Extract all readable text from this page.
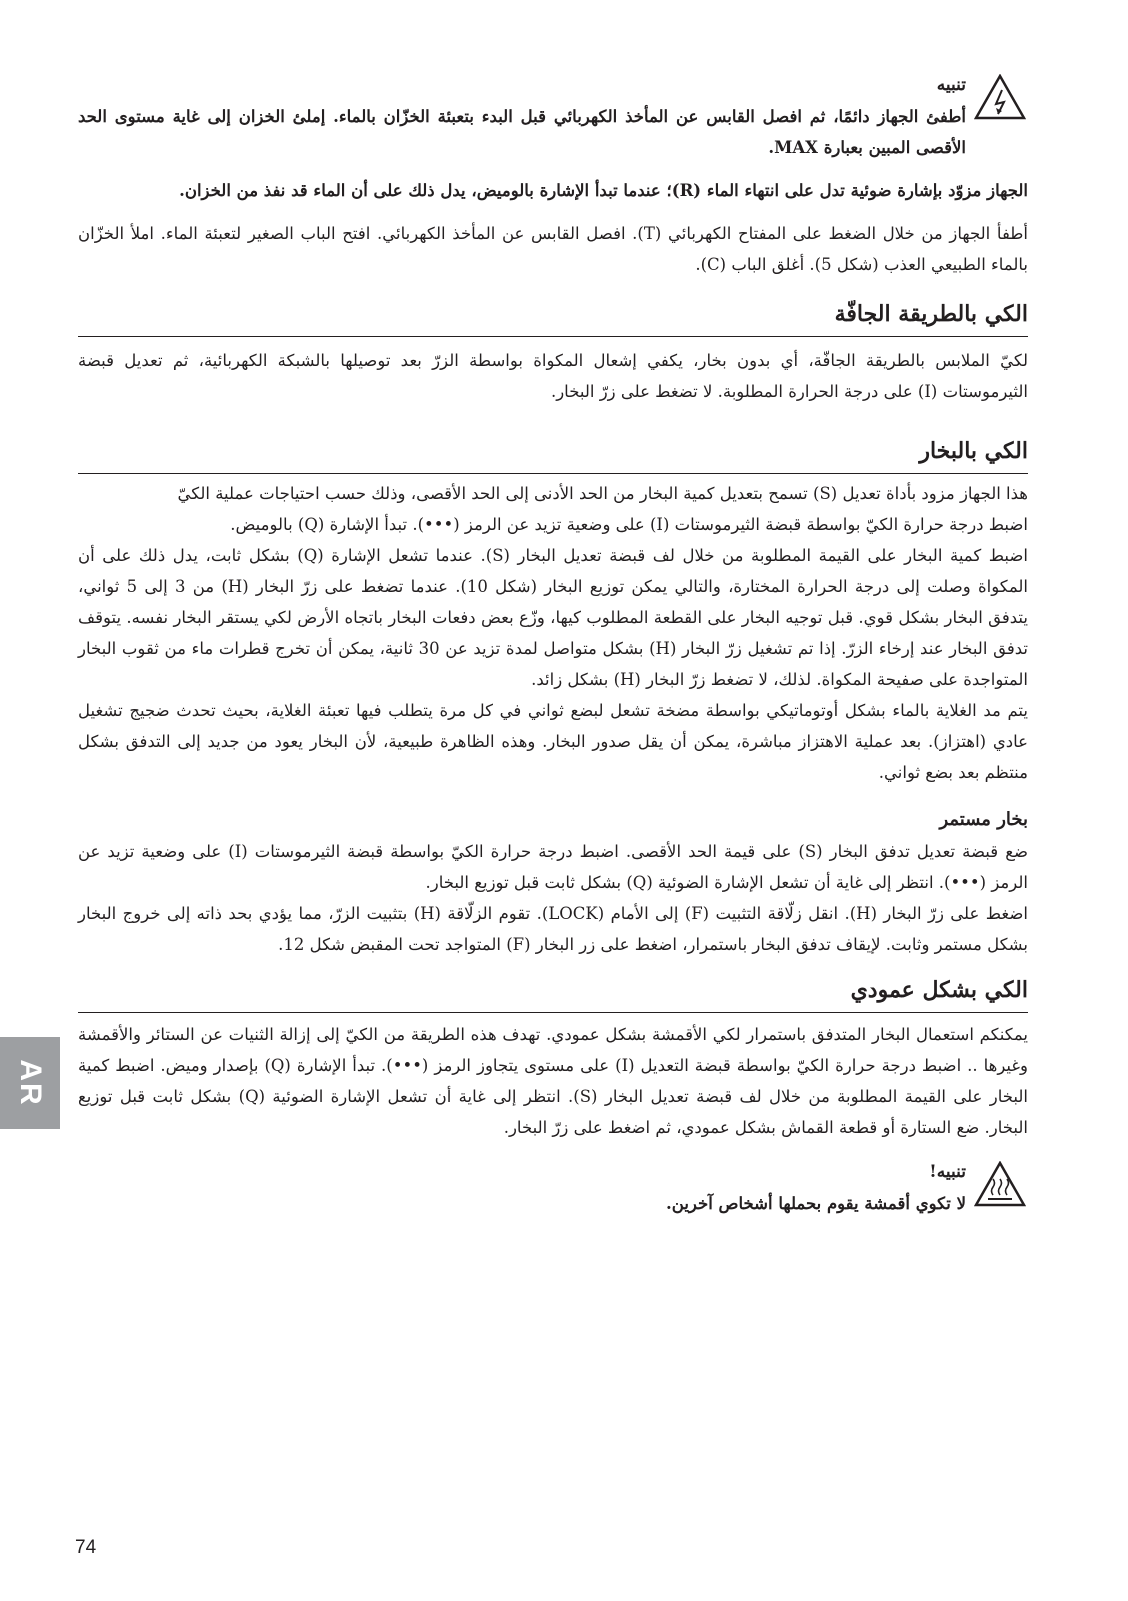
تنبيه
أطفئ الجهاز دائمًا، ثم افصل القابس عن المأخذ الكهربائي قبل البدء بتعبئة الخزّان بالماء. إملئ الخزان إلى غاية مستوى الحد الأقصى المبين بعبارة MAX.
الجهاز مزوّد بإشارة ضوئية تدل على انتهاء الماء (R)؛ عندما تبدأ الإشارة بالوميض، يدل ذلك على أن الماء قد نفذ من الخزان.
أطفأ الجهاز من خلال الضغط على المفتاح الكهربائي (T). افصل القابس عن المأخذ الكهربائي. افتح الباب الصغير لتعبئة الماء. املأ الخزّان بالماء الطبيعي العذب (شكل 5). أغلق الباب (C).
الكي بالطريقة الجافّة
لكيّ الملابس بالطريقة الجافّة، أي بدون بخار، يكفي إشعال المكواة بواسطة الزرّ بعد توصيلها بالشبكة الكهربائية، ثم تعديل قبضة الثيرموستات (I) على درجة الحرارة المطلوبة. لا تضغط على زرّ البخار.
الكي بالبخار
هذا الجهاز مزود بأداة تعديل (S) تسمح بتعديل كمية البخار من الحد الأدنى إلى الحد الأقصى، وذلك حسب احتياجات عملية الكيّ
اضبط درجة حرارة الكيّ بواسطة قبضة الثيرموستات (I) على وضعية تزيد عن الرمز (•••). تبدأ الإشارة (Q) بالوميض.
اضبط كمية البخار على القيمة المطلوبة من خلال لف قبضة تعديل البخار (S). عندما تشعل الإشارة (Q) بشكل ثابت، يدل ذلك على أن المكواة وصلت إلى درجة الحرارة المختارة، والتالي يمكن توزيع البخار (شكل 10). عندما تضغط على زرّ البخار (H) من 3 إلى 5 ثواني، يتدفق البخار بشكل قوي. قبل توجيه البخار على القطعة المطلوب كيها، وزّع بعض دفعات البخار باتجاه الأرض لكي يستقر البخار نفسه. يتوقف تدفق البخار عند إرخاء الزرّ. إذا تم تشغيل زرّ البخار (H) بشكل متواصل لمدة تزيد عن 30 ثانية، يمكن أن تخرج قطرات ماء من ثقوب البخار المتواجدة على صفيحة المكواة. لذلك، لا تضغط زرّ البخار (H) بشكل زائد.
يتم مد الغلاية بالماء بشكل أوتوماتيكي بواسطة مضخة تشعل لبضع ثواني في كل مرة يتطلب فيها تعبئة الغلاية، بحيث تحدث ضجيج تشغيل عادي (اهتزاز). بعد عملية الاهتزاز مباشرة، يمكن أن يقل صدور البخار. وهذه الظاهرة طبيعية، لأن البخار يعود من جديد إلى التدفق بشكل منتظم بعد بضع ثواني.
بخار مستمر
ضع قبضة تعديل تدفق البخار (S) على قيمة الحد الأقصى. اضبط درجة حرارة الكيّ بواسطة قبضة الثيرموستات (I) على وضعية تزيد عن الرمز (•••). انتظر إلى غاية أن تشعل الإشارة الضوئية (Q) بشكل ثابت قبل توزيع البخار.
اضغط على زرّ البخار (H). انقل زلّاقة التثبيت (F) إلى الأمام (LOCK). تقوم الزلّاقة (H) بتثبيت الزرّ، مما يؤدي بحد ذاته إلى خروج البخار بشكل مستمر وثابت. لإيقاف تدفق البخار باستمرار، اضغط على زر البخار (F) المتواجد تحت المقبض شكل 12.
الكي بشكل عمودي
يمكنكم استعمال البخار المتدفق باستمرار لكي الأقمشة بشكل عمودي. تهدف هذه الطريقة من الكيّ إلى إزالة الثنيات عن الستائر والأقمشة وغيرها .. اضبط درجة حرارة الكيّ بواسطة قبضة التعديل (I) على مستوى يتجاوز الرمز (•••). تبدأ الإشارة (Q) بإصدار وميض. اضبط كمية البخار على القيمة المطلوبة من خلال لف قبضة تعديل البخار (S). انتظر إلى غاية أن تشعل الإشارة الضوئية (Q) بشكل ثابت قبل توزيع البخار. ضع الستارة أو قطعة القماش بشكل عمودي، ثم اضغط على زرّ البخار.
تنبيه!
لا تكوي أقمشة يقوم بحملها أشخاص آخرين.
AR
74
